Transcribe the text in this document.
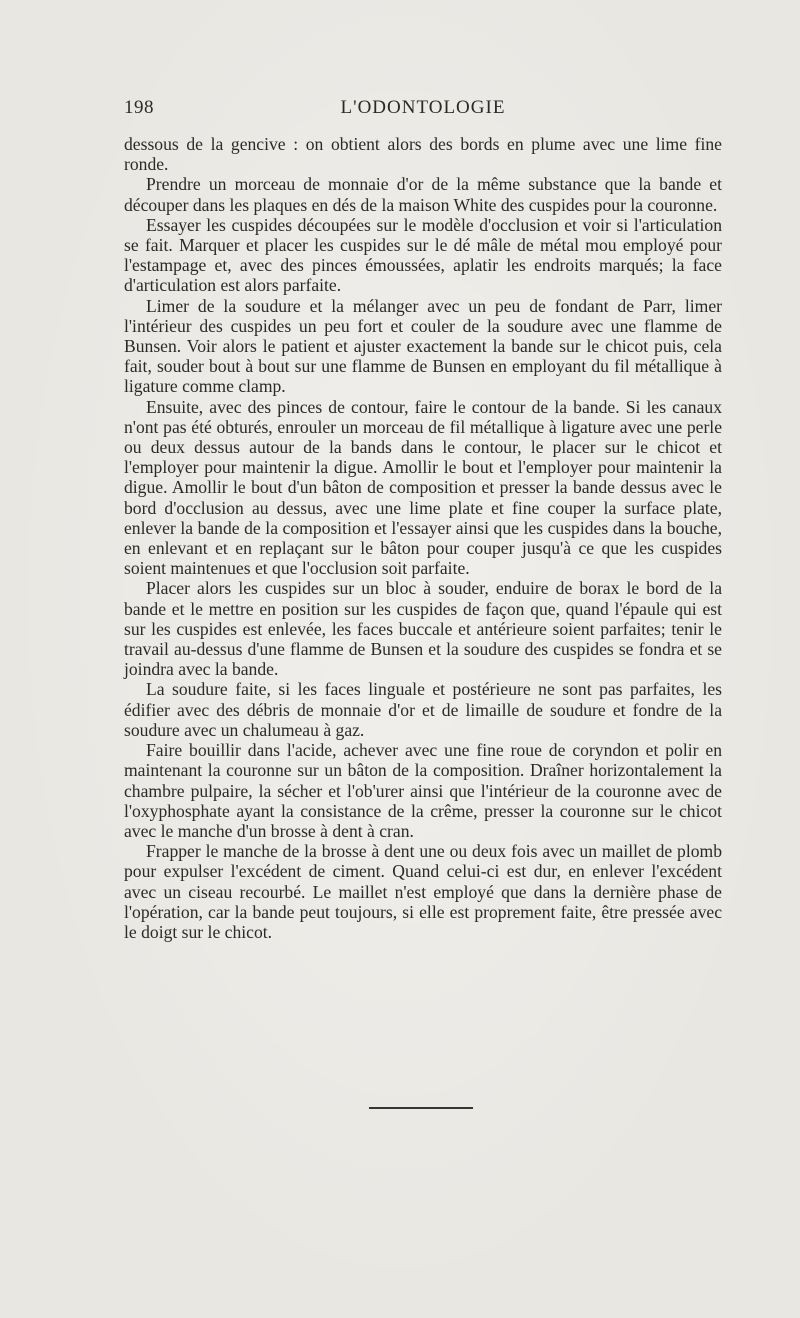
198	L'ODONTOLOGIE

dessous de la gencive : on obtient alors des bords en plume avec une lime fine ronde.

Prendre un morceau de monnaie d'or de la même substance que la bande et découper dans les plaques en dés de la maison White des cuspides pour la couronne.

Essayer les cuspides découpées sur le modèle d'occlusion et voir si l'articulation se fait. Marquer et placer les cuspides sur le dé mâle de métal mou employé pour l'estampage et, avec des pinces émoussées, aplatir les endroits marqués; la face d'articulation est alors parfaite.

Limer de la soudure et la mélanger avec un peu de fondant de Parr, limer l'intérieur des cuspides un peu fort et couler de la soudure avec une flamme de Bunsen. Voir alors le patient et ajuster exactement la bande sur le chicot puis, cela fait, souder bout à bout sur une flamme de Bunsen en employant du fil métallique à ligature comme clamp.

Ensuite, avec des pinces de contour, faire le contour de la bande. Si les canaux n'ont pas été obturés, enrouler un morceau de fil métallique à ligature avec une perle ou deux dessus autour de la bands dans le contour, le placer sur le chicot et l'employer pour maintenir la digue. Amollir le bout et l'employer pour maintenir la digue. Amollir le bout d'un bâton de composition et presser la bande dessus avec le bord d'occlusion au dessus, avec une lime plate et fine couper la surface plate, enlever la bande de la composition et l'essayer ainsi que les cuspides dans la bouche, en enlevant et en replaçant sur le bâton pour couper jusqu'à ce que les cuspides soient maintenues et que l'occlusion soit parfaite.

Placer alors les cuspides sur un bloc à souder, enduire de borax le bord de la bande et le mettre en position sur les cuspides de façon que, quand l'épaule qui est sur les cuspides est enlevée, les faces buccale et antérieure soient parfaites; tenir le travail au-dessus d'une flamme de Bunsen et la soudure des cuspides se fondra et se joindra avec la bande.

La soudure faite, si les faces linguale et postérieure ne sont pas parfaites, les édifier avec des débris de monnaie d'or et de limaille de soudure et fondre de la soudure avec un chalumeau à gaz.

Faire bouillir dans l'acide, achever avec une fine roue de coryndon et polir en maintenant la couronne sur un bâton de la composition. Draîner horizontalement la chambre pulpaire, la sécher et l'ob'urer ainsi que l'intérieur de la couronne avec de l'oxyphosphate ayant la consistance de la crême, presser la couronne sur le chicot avec le manche d'un brosse à dent à cran.

Frapper le manche de la brosse à dent une ou deux fois avec un maillet de plomb pour expulser l'excédent de ciment. Quand celui-ci est dur, en enlever l'excédent avec un ciseau recourbé. Le maillet n'est employé que dans la dernière phase de l'opération, car la bande peut toujours, si elle est proprement faite, être pressée avec le doigt sur le chicot.
